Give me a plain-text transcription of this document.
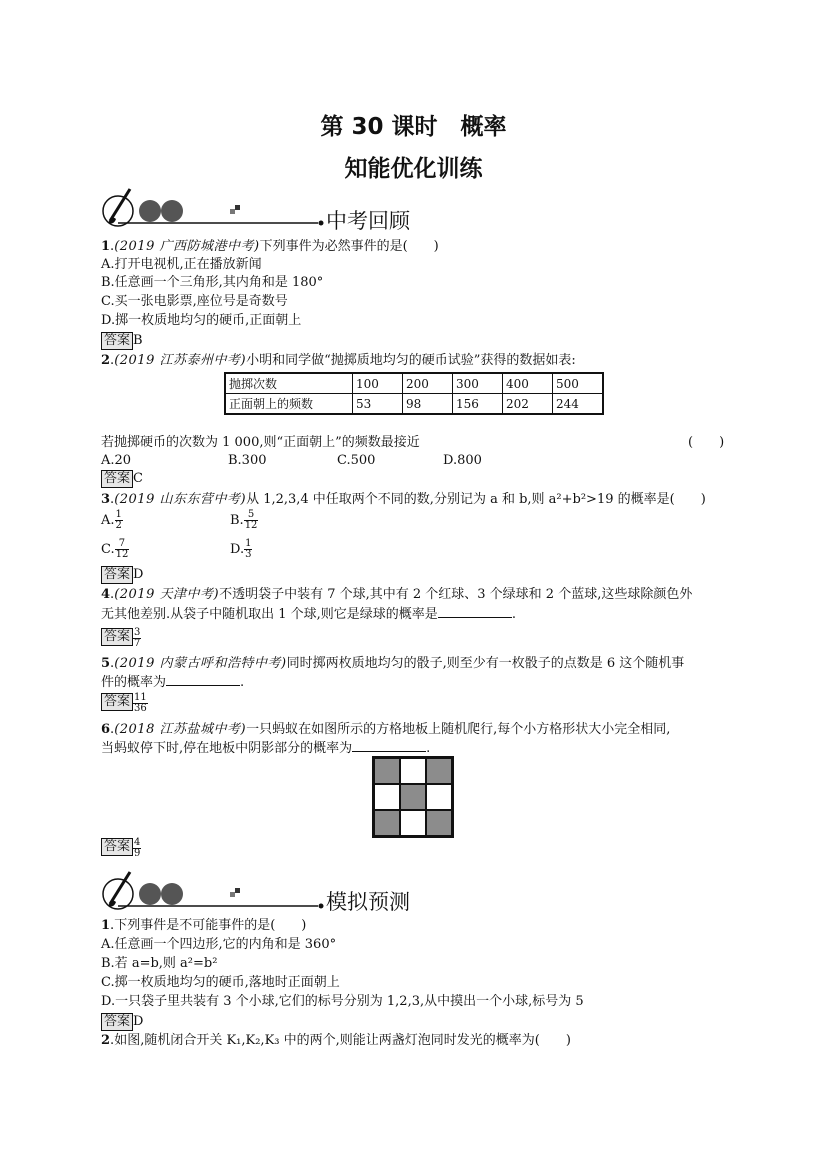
第 30 课时　概率
知能优化训练
中考回顾
1.(2019 广西防城港中考)下列事件为必然事件的是(　　)
A.打开电视机,正在播放新闻
B.任意画一个三角形,其内角和是 180°
C.买一张电影票,座位号是奇数号
D.掷一枚质地均匀的硬币,正面朝上
答案 B
2.(2019 江苏泰州中考)小明和同学做“抛掷质地均匀的硬币试验”获得的数据如表:
抛掷次数	100	200	300	400	500
正面朝上的频数	53	98	156	202	244
若抛掷硬币的次数为 1 000,则“正面朝上”的频数最接近	(　　)
A.20	B.300	C.500	D.800
答案 C
3.(2019 山东东营中考)从 1,2,3,4 中任取两个不同的数,分别记为 a 和 b,则 a²+b²>19 的概率是(　　)
A. $\frac{1}{2}$	B. $\frac{5}{12}$
C. $\frac{7}{12}$	D. $\frac{1}{3}$
答案 D
4.(2019 天津中考)不透明袋子中装有 7 个球,其中有 2 个红球、3 个绿球和 2 个蓝球,这些球除颜色外
无其他差别.从袋子中随机取出 1 个球,则它是绿球的概率是	.
答案 $\frac{3}{7}$
5.(2019 内蒙古呼和浩特中考)同时掷两枚质地均匀的骰子,则至少有一枚骰子的点数是 6 这个随机事
件的概率为	.
答案 $\frac{11}{36}$
6.(2018 江苏盐城中考)一只蚂蚁在如图所示的方格地板上随机爬行,每个小方格形状大小完全相同,
当蚂蚁停下时,停在地板中阴影部分的概率为	.
答案 $\frac{4}{9}$
模拟预测
1.下列事件是不可能事件的是(　　)
A.任意画一个四边形,它的内角和是 360°
B.若 a=b,则 a²=b²
C.掷一枚质地均匀的硬币,落地时正面朝上
D.一只袋子里共装有 3 个小球,它们的标号分别为 1,2,3,从中摸出一个小球,标号为 5
答案 D
2.如图,随机闭合开关 K₁,K₂,K₃ 中的两个,则能让两盏灯泡同时发光的概率为(　　)
